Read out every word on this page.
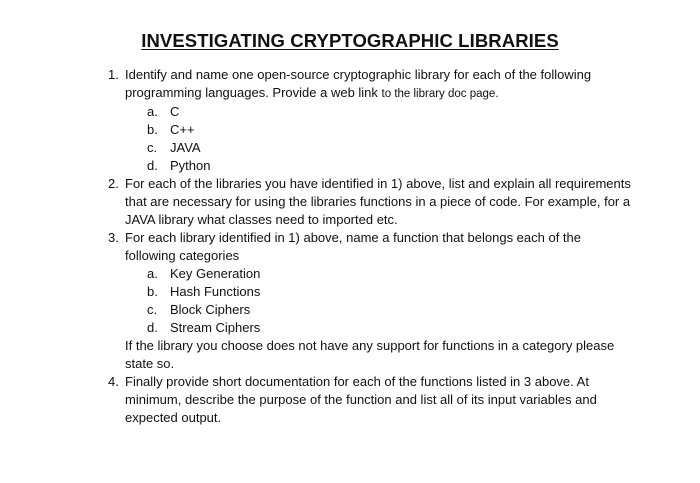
INVESTIGATING CRYPTOGRAPHIC LIBRARIES
1. Identify and name one open-source cryptographic library for each of the following
programming languages. Provide a web link to the library doc page.
a. C
b. C++
c. JAVA
d. Python
2. For each of the libraries you have identified in 1) above, list and explain all requirements
that are necessary for using the libraries functions in a piece of code. For example, for a
JAVA library what classes need to imported etc.
3. For each library identified in 1) above, name a function that belongs each of the
following categories
a. Key Generation
b. Hash Functions
c. Block Ciphers
d. Stream Ciphers
If the library you choose does not have any support for functions in a category please
state so.
4. Finally provide short documentation for each of the functions listed in 3 above. At
minimum, describe the purpose of the function and list all of its input variables and
expected output.
